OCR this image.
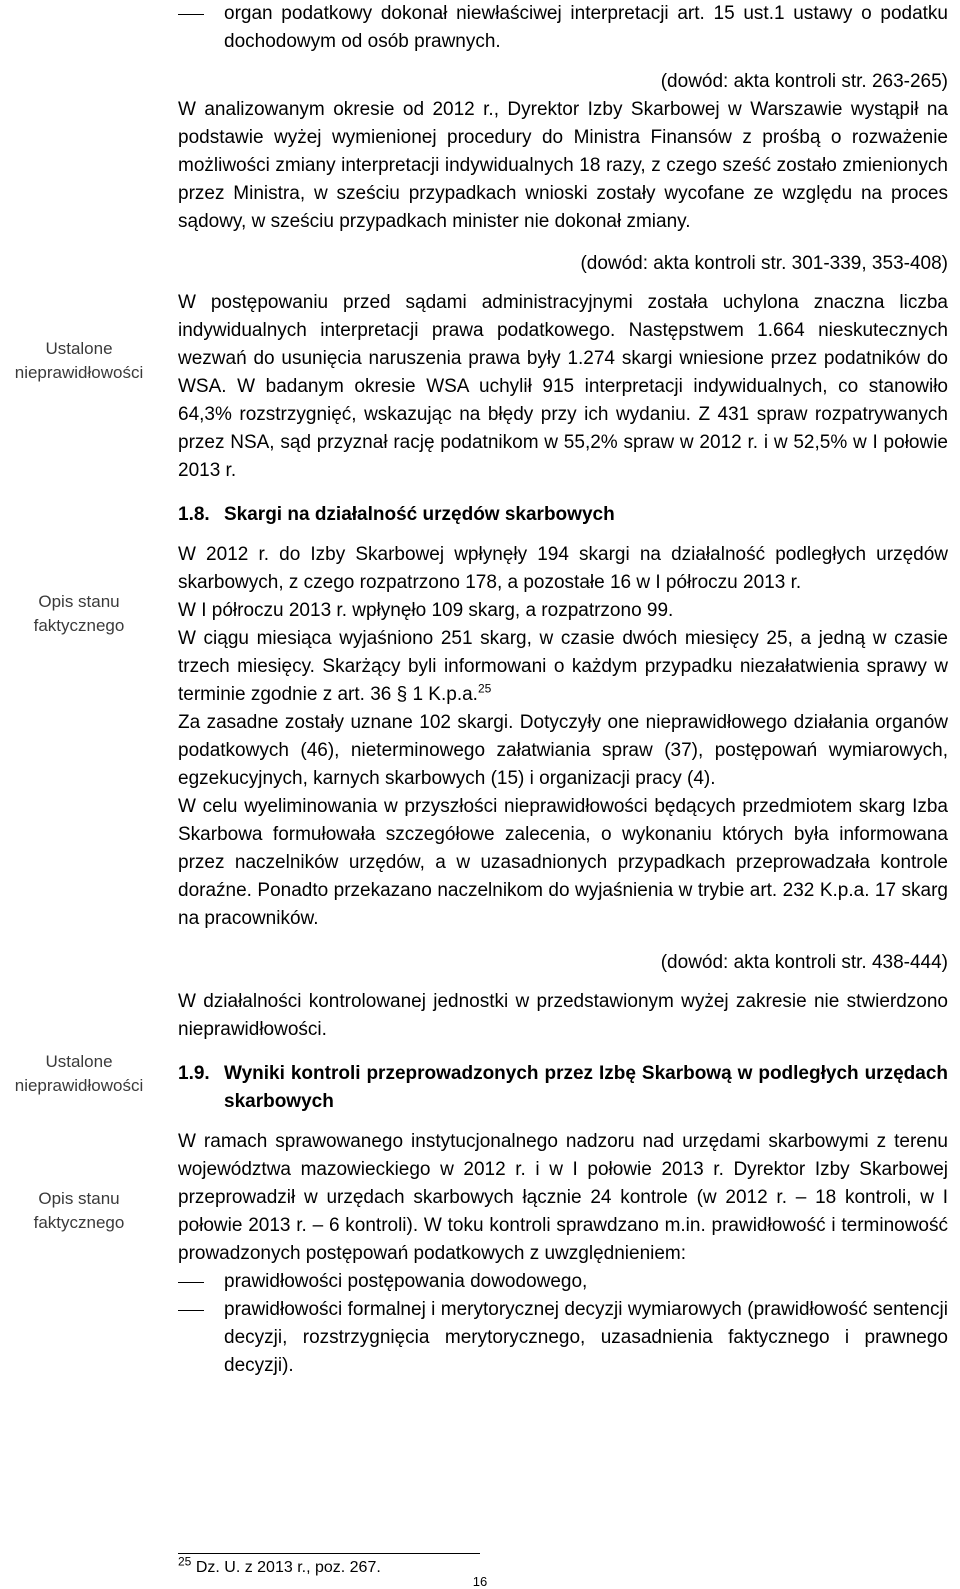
Ustalone
nieprawidłowości
Opis stanu
faktycznego
Ustalone
nieprawidłowości
Opis stanu
faktycznego

organ podatkowy dokonał niewłaściwej interpretacji art. 15 ust.1 ustawy o podatku dochodowym od osób prawnych.

(dowód: akta kontroli str. 263-265)

W analizowanym okresie od 2012 r., Dyrektor Izby Skarbowej w Warszawie wystąpił na podstawie wyżej wymienionej procedury do Ministra Finansów z prośbą o rozważenie możliwości zmiany interpretacji indywidualnych 18 razy, z czego sześć zostało zmienionych przez Ministra, w sześciu przypadkach wnioski zostały wycofane ze względu na proces sądowy, w sześciu przypadkach minister nie dokonał zmiany.

(dowód: akta kontroli str. 301-339, 353-408)

W postępowaniu przed sądami administracyjnymi została uchylona znaczna liczba indywidualnych interpretacji prawa podatkowego. Następstwem 1.664 nieskutecznych wezwań do usunięcia naruszenia prawa były 1.274 skargi wniesione przez podatników do WSA. W badanym okresie WSA uchylił 915 interpretacji indywidualnych, co stanowiło 64,3% rozstrzygnięć, wskazując na błędy przy ich wydaniu. Z 431 spraw rozpatrywanych przez NSA, sąd przyznał rację podatnikom w 55,2% spraw w 2012 r. i w 52,5% w I połowie 2013 r.

1.8. Skargi na działalność urzędów skarbowych

W 2012 r. do Izby Skarbowej wpłynęły 194 skargi na działalność podległych urzędów skarbowych, z czego rozpatrzono 178, a pozostałe 16 w I półroczu 2013 r.

W I półroczu 2013 r. wpłynęło 109 skarg, a rozpatrzono 99.

W ciągu miesiąca wyjaśniono 251 skarg, w czasie dwóch miesięcy 25, a jedną w czasie trzech miesięcy. Skarżący byli informowani o każdym przypadku niezałatwienia sprawy w terminie zgodnie z art. 36 § 1 K.p.a.$^{25}$

Za zasadne zostały uznane 102 skargi. Dotyczyły one nieprawidłowego działania organów podatkowych (46), nieterminowego załatwiania spraw (37), postępowań wymiarowych, egzekucyjnych, karnych skarbowych (15) i organizacji pracy (4).

W celu wyeliminowania w przyszłości nieprawidłowości będących przedmiotem skarg Izba Skarbowa formułowała szczegółowe zalecenia, o wykonaniu których była informowana przez naczelników urzędów, a w uzasadnionych przypadkach przeprowadzała kontrole doraźne. Ponadto przekazano naczelnikom do wyjaśnienia w trybie art. 232 K.p.a. 17 skarg na pracowników.

(dowód: akta kontroli str. 438-444)

W działalności kontrolowanej jednostki w przedstawionym wyżej zakresie nie stwierdzono nieprawidłowości.

1.9. Wyniki kontroli przeprowadzonych przez Izbę Skarbową w podległych urzędach skarbowych

W ramach sprawowanego instytucjonalnego nadzoru nad urzędami skarbowymi z terenu województwa mazowieckiego w 2012 r. i w I połowie 2013 r. Dyrektor Izby Skarbowej przeprowadził w urzędach skarbowych łącznie 24 kontrole (w 2012 r. – 18 kontroli, w I połowie 2013 r. – 6 kontroli). W toku kontroli sprawdzano m.in. prawidłowość i terminowość prowadzonych postępowań podatkowych z uwzględnieniem:

prawidłowości postępowania dowodowego,

prawidłowości formalnej i merytorycznej decyzji wymiarowych (prawidłowość sentencji decyzji, rozstrzygnięcia merytorycznego, uzasadnienia faktycznego i prawnego decyzji).

$^{25}$ Dz. U. z 2013 r., poz. 267.
16
